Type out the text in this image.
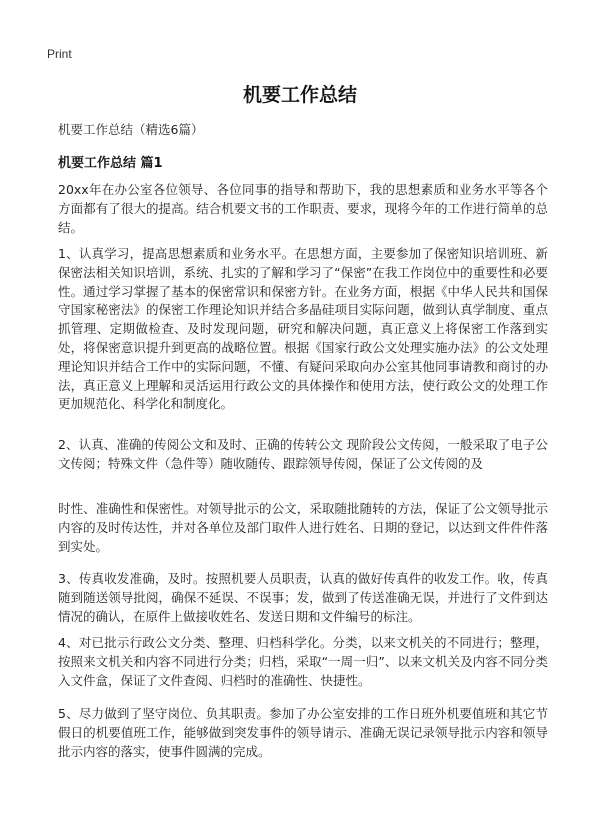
Print
机要工作总结
机要工作总结（精选6篇）
机要工作总结 篇1

20xx年在办公室各位领导、各位同事的指导和帮助下，我的思想素质和业务水平等各个方面都有了很大的提高。结合机要文书的工作职责、要求，现将今年的工作进行简单的总结。

1、认真学习，提高思想素质和业务水平。在思想方面，主要参加了保密知识培训班、新保密法相关知识培训，系统、扎实的了解和学习了“保密”在我工作岗位中的重要性和必要性。通过学习掌握了基本的保密常识和保密方针。在业务方面，根据《中华人民共和国保守国家秘密法》的保密工作理论知识并结合多晶硅项目实际问题，做到认真学制度、重点抓管理、定期做检查、及时发现问题，研究和解决问题，真正意义上将保密工作落到实处，将保密意识提升到更高的战略位置。根据《国家行政公文处理实施办法》的公文处理理论知识并结合工作中的实际问题，不懂、有疑问采取向办公室其他同事请教和商讨的办法，真正意义上理解和灵活运用行政公文的具体操作和使用方法，使行政公文的处理工作更加规范化、科学化和制度化。

2、认真、准确的传阅公文和及时、正确的传转公文 现阶段公文传阅，一般采取了电子公文传阅；特殊文件（急件等）随收随传、跟踪领导传阅，保证了公文传阅的及

时性、准确性和保密性。对领导批示的公文，采取随批随转的方法，保证了公文领导批示内容的及时传达性，并对各单位及部门取件人进行姓名、日期的登记，以达到文件件件落到实处。

3、传真收发准确，及时。按照机要人员职责，认真的做好传真件的收发工作。收，传真随到随送领导批阅，确保不延误、不误事；发，做到了传送准确无误，并进行了文件到达情况的确认，在原件上做接收姓名、发送日期和文件编号的标注。

4、对已批示行政公文分类、整理、归档科学化。分类，以来文机关的不同进行；整理，按照来文机关和内容不同进行分类；归档，采取“一周一归”、以来文机关及内容不同分类入文件盒，保证了文件查阅、归档时的准确性、快捷性。

5、尽力做到了坚守岗位、负其职责。参加了办公室安排的工作日班外机要值班和其它节假日的机要值班工作，能够做到突发事件的领导请示、准确无误记录领导批示内容和领导批示内容的落实，使事件圆满的完成。
